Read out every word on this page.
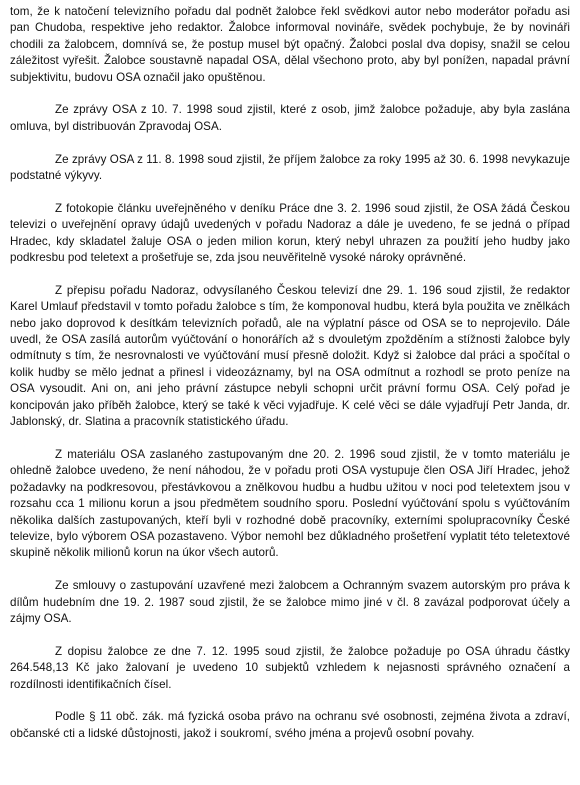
tom, že k natočení televizního pořadu dal podnět žalobce řekl svědkovi autor nebo moderátor pořadu asi pan Chudoba, respektive jeho redaktor. Žalobce informoval novináře, svědek pochybuje, že by novináři chodili za žalobcem, domnívá se, že postup musel být opačný. Žalobci poslal dva dopisy, snažil se celou záležitost vyřešit. Žalobce soustavně napadal OSA, dělal všechono proto, aby byl ponížen, napadal právní subjektivitu, budovu OSA označil jako opuštěnou.

Ze zprávy OSA z 10. 7. 1998 soud zjistil, které z osob, jimž žalobce požaduje, aby byla zaslána omluva, byl distribuován Zpravodaj OSA.

Ze zprávy OSA z 11. 8. 1998 soud zjistil, že příjem žalobce za roky 1995 až 30. 6. 1998 nevykazuje podstatné výkyvy.

Z fotokopie článku uveřejněného v deníku Práce dne 3. 2. 1996 soud zjistil, že OSA žádá Českou televizi o uveřejnění opravy údajů uvedených v pořadu Nadoraz a dále je uvedeno, fe se jedná o případ Hradec, kdy skladatel žaluje OSA o jeden milion korun, který nebyl uhrazen za použití jeho hudby jako podkresbu pod teletext a prošetřuje se, zda jsou neuvěřitelně vysoké nároky oprávněné.

Z přepisu pořadu Nadoraz, odvysílaného Českou televizí dne 29. 1. 196 soud zjistil, že redaktor Karel Umlauf představil v tomto pořadu žalobce s tím, že komponoval hudbu, která byla použita ve znělkách nebo jako doprovod k desítkám televizních pořadů, ale na výplatní pásce od OSA se to neprojevilo. Dále uvedl, že OSA zasílá autorům vyúčtování o honorářích až s dvouletým zpožděním a stížnosti žalobce byly odmítnuty s tím, že nesrovnalosti ve vyúčtování musí přesně doložit. Když si žalobce dal práci a spočítal o kolik hudby se mělo jednat a přinesl i videozáznamy, byl na OSA odmítnut a rozhodl se proto peníze na OSA vysoudit. Ani on, ani jeho právní zástupce nebyli schopni určit právní formu OSA. Celý pořad je koncipován jako příběh žalobce, který se také k věci vyjadřuje. K celé věci se dále vyjadřují Petr Janda, dr. Jablonský, dr. Slatina a pracovník statistického úřadu.

Z materiálu OSA zaslaného zastupovaným dne 20. 2. 1996 soud zjistil, že v tomto materiálu je ohledně žalobce uvedeno, že není náhodou, že v pořadu proti OSA vystupuje člen OSA Jiří Hradec, jehož požadavky na podkresovou, přestávkovou a znělkovou hudbu a hudbu užitou v noci pod teletextem jsou v rozsahu cca 1 milionu korun a jsou předmětem soudního sporu. Poslední vyúčtování spolu s vyúčtováním několika dalších zastupovaných, kteří byli v rozhodné době pracovníky, externími spolupracovníky České televize, bylo výborem OSA pozastaveno. Výbor nemohl bez důkladného prošetření vyplatit této teletextové skupině několik milionů korun na úkor všech autorů.

Ze smlouvy o zastupování uzavřené mezi žalobcem a Ochranným svazem autorským pro práva k dílům hudebním dne 19. 2. 1987 soud zjistil, že se žalobce mimo jiné v čl. 8 zavázal podporovat účely a zájmy OSA.

Z dopisu žalobce ze dne 7. 12. 1995 soud zjistil, že žalobce požaduje po OSA úhradu částky 264.548,13 Kč jako žalovaní je uvedeno 10 subjektů vzhledem k nejasnosti správného označení a rozdílnosti identifikačních čísel.

Podle § 11 obč. zák. má fyzická osoba právo na ochranu své osobnosti, zejména života a zdraví, občanské cti a lidské důstojnosti, jakož i soukromí, svého jména a projevů osobní povahy.
